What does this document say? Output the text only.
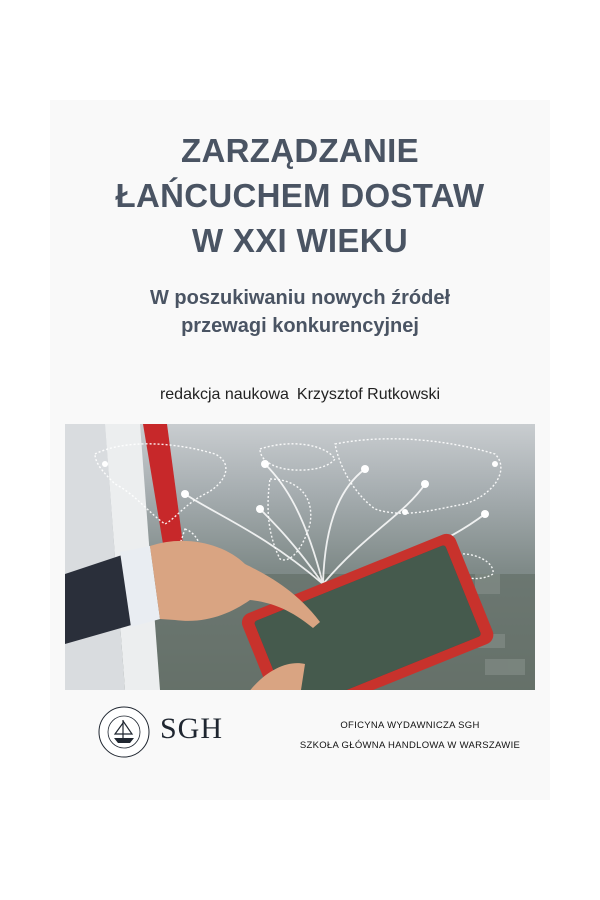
ZARZĄDZANIE
ŁAŃCUCHEM DOSTAW
W XXI WIEKU
W poszukiwaniu nowych źródeł
przewagi konkurencyjnej
redakcja naukowa Krzysztof Rutkowski
SGH	OFICYNA WYDAWNICZA SGH
SZKOŁA GŁÓWNA HANDLOWA W WARSZAWIE
